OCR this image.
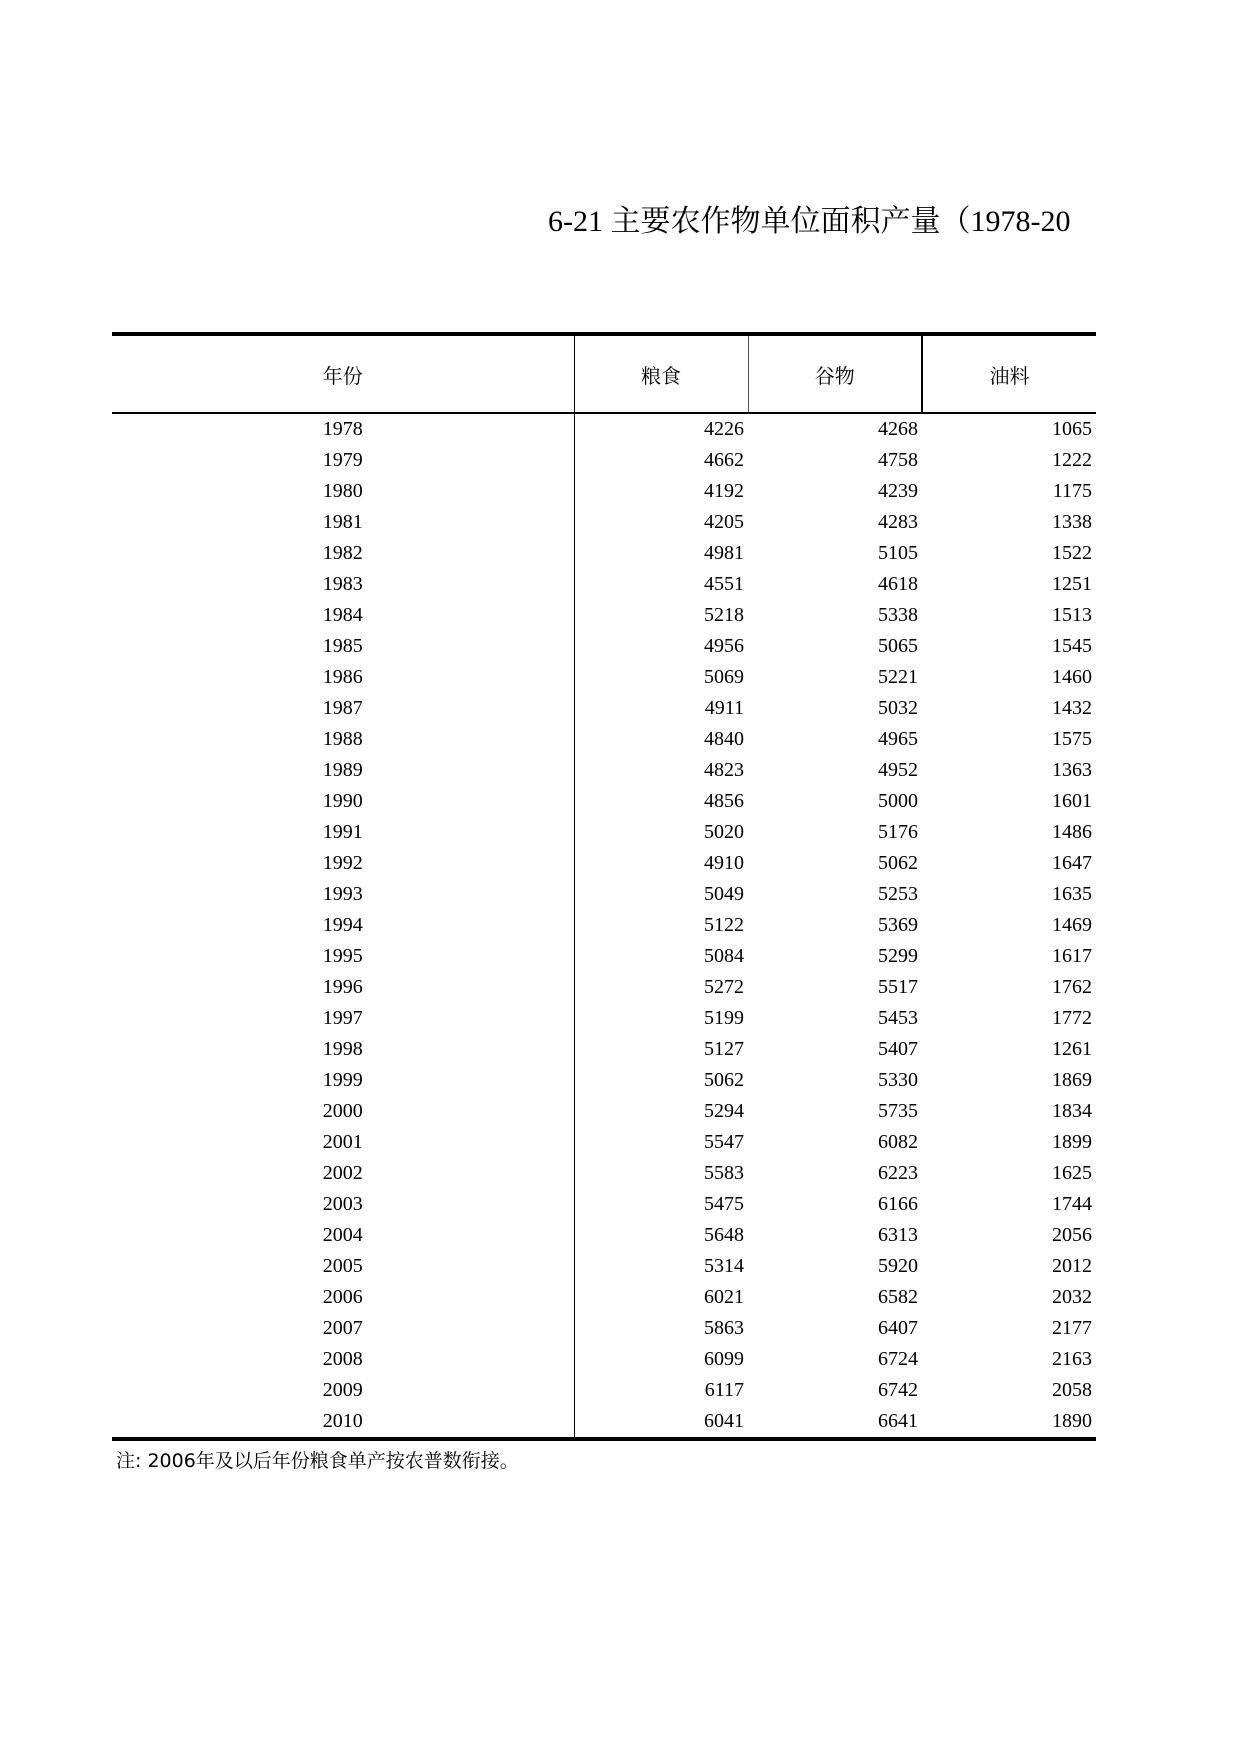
6-21 主要农作物单位面积产量（1978-20
年份	粮食	谷物	油料
1978	4226	4268	1065
1979	4662	4758	1222
1980	4192	4239	1175
1981	4205	4283	1338
1982	4981	5105	1522
1983	4551	4618	1251
1984	5218	5338	1513
1985	4956	5065	1545
1986	5069	5221	1460
1987	4911	5032	1432
1988	4840	4965	1575
1989	4823	4952	1363
1990	4856	5000	1601
1991	5020	5176	1486
1992	4910	5062	1647
1993	5049	5253	1635
1994	5122	5369	1469
1995	5084	5299	1617
1996	5272	5517	1762
1997	5199	5453	1772
1998	5127	5407	1261
1999	5062	5330	1869
2000	5294	5735	1834
2001	5547	6082	1899
2002	5583	6223	1625
2003	5475	6166	1744
2004	5648	6313	2056
2005	5314	5920	2012
2006	6021	6582	2032
2007	5863	6407	2177
2008	6099	6724	2163
2009	6117	6742	2058
2010	6041	6641	1890
注: 2006年及以后年份粮食单产按农普数衔接。
